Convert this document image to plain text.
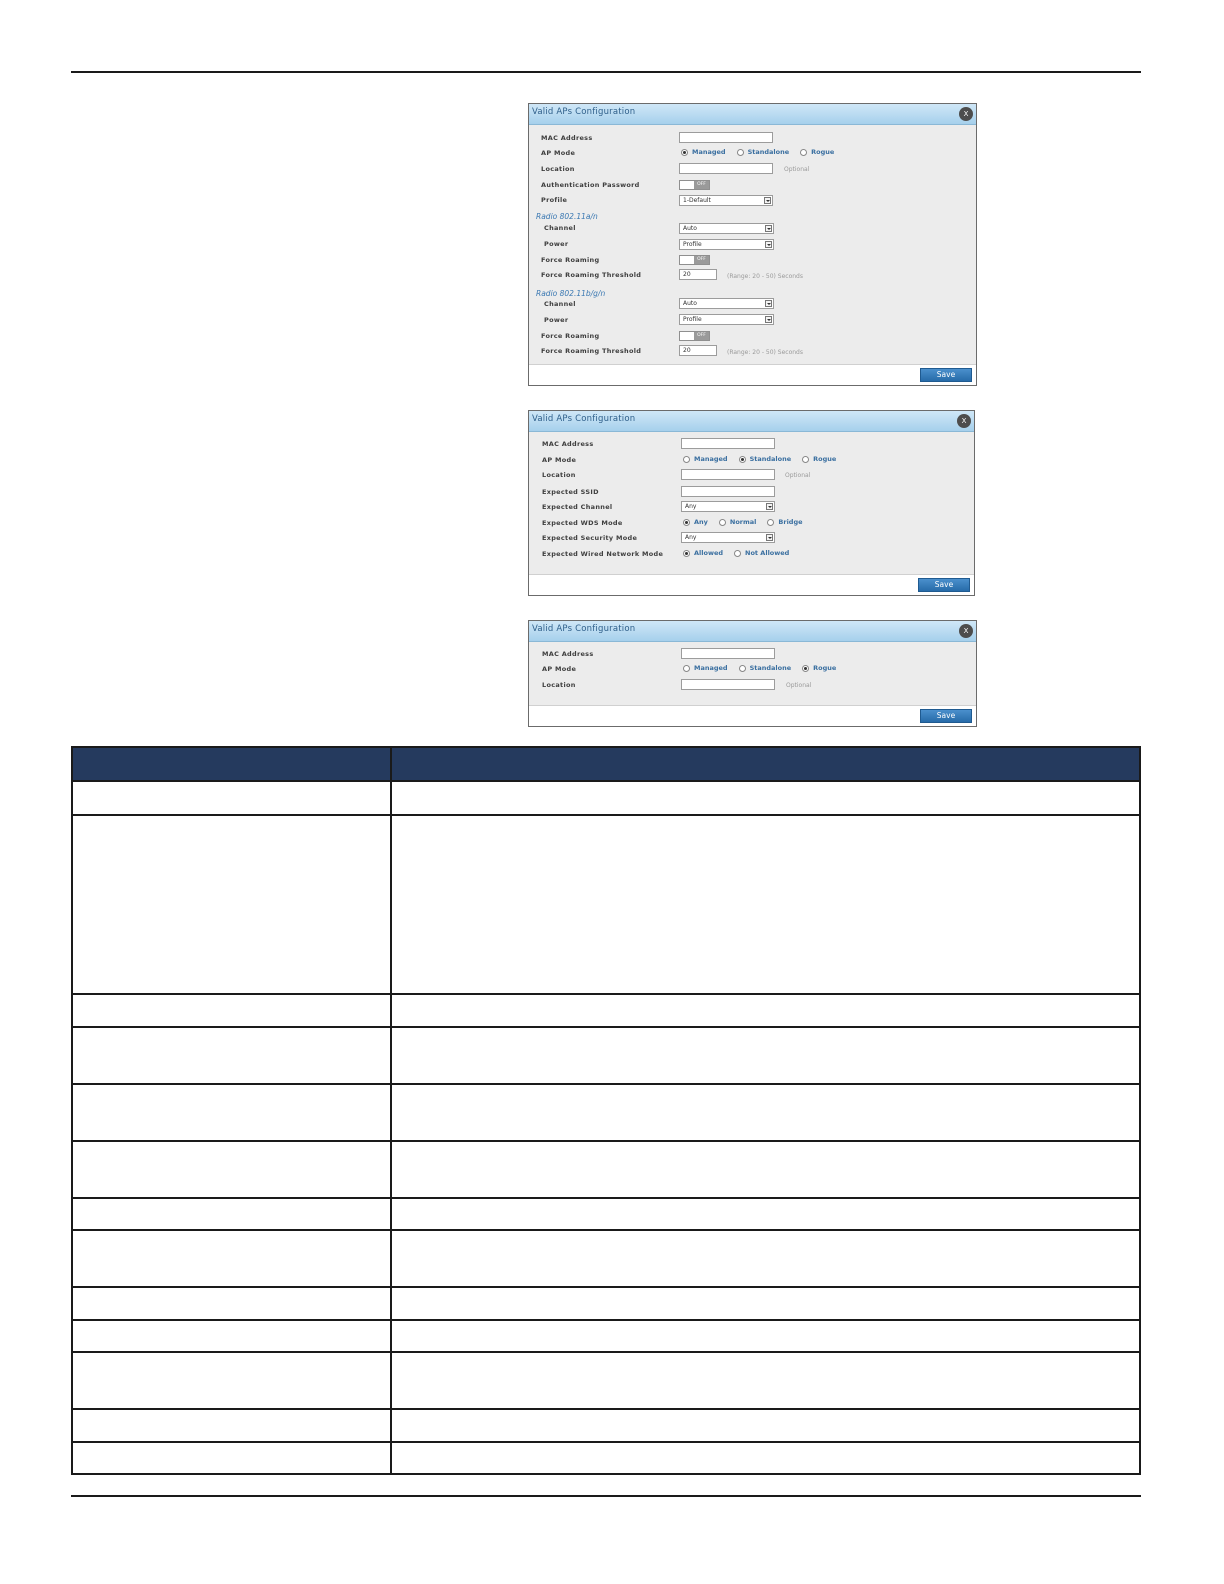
Valid APs Configuration	X
MAC Address
AP Mode	Managed	Standalone	Rogue
Location	Optional
Authentication Password	OFF
Profile	1-Default
Radio 802.11a/n
Channel	Auto
Power	Profile
Force Roaming	OFF
Force Roaming Threshold	20	(Range: 20 - 50) Seconds
Radio 802.11b/g/n
Channel	Auto
Power	Profile
Force Roaming	OFF
Force Roaming Threshold	20	(Range: 20 - 50) Seconds
Save
Valid APs Configuration	X
MAC Address
AP Mode	Managed	Standalone	Rogue
Location	Optional
Expected SSID
Expected Channel	Any
Expected WDS Mode	Any	Normal	Bridge
Expected Security Mode	Any
Expected Wired Network Mode	Allowed	Not Allowed
Save
Valid APs Configuration	X
MAC Address
AP Mode	Managed	Standalone	Rogue
Location	Optional
Save
